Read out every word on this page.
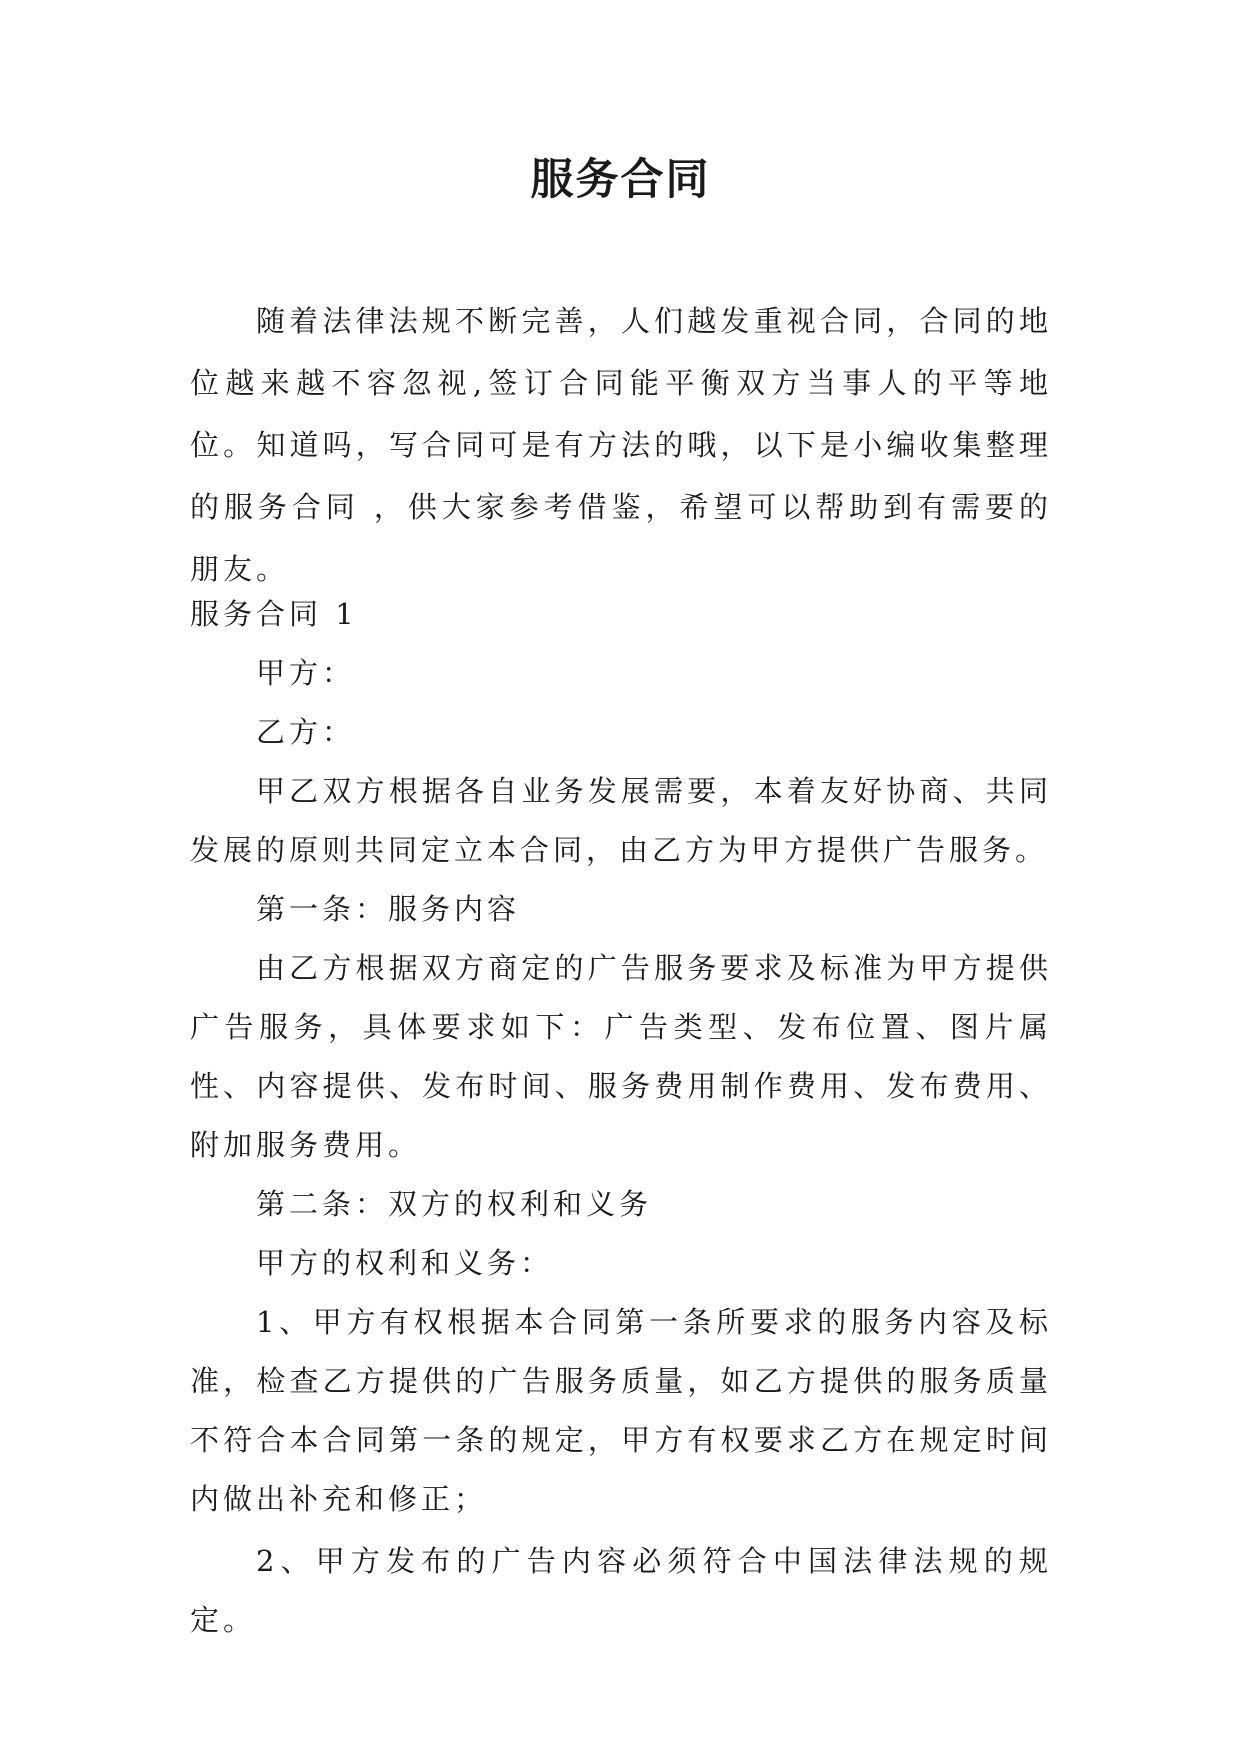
服务合同

随着法律法规不断完善，人们越发重视合同，合同的地位越来越不容忽视,签订合同能平衡双方当事人的平等地位。知道吗，写合同可是有方法的哦，以下是小编收集整理的服务合同 ，供大家参考借鉴，希望可以帮助到有需要的朋友。

服务合同 1

甲方：

乙方：

甲乙双方根据各自业务发展需要，本着友好协商、共同发展的原则共同定立本合同，由乙方为甲方提供广告服务。

第一条：服务内容

由乙方根据双方商定的广告服务要求及标准为甲方提供广告服务，具体要求如下：广告类型、发布位置、图片属性、内容提供、发布时间、服务费用制作费用、发布费用、附加服务费用。

第二条：双方的权利和义务

甲方的权利和义务：

1、甲方有权根据本合同第一条所要求的服务内容及标准，检查乙方提供的广告服务质量，如乙方提供的服务质量不符合本合同第一条的规定，甲方有权要求乙方在规定时间内做出补充和修正；

2、甲方发布的广告内容必须符合中国法律法规的规定。
